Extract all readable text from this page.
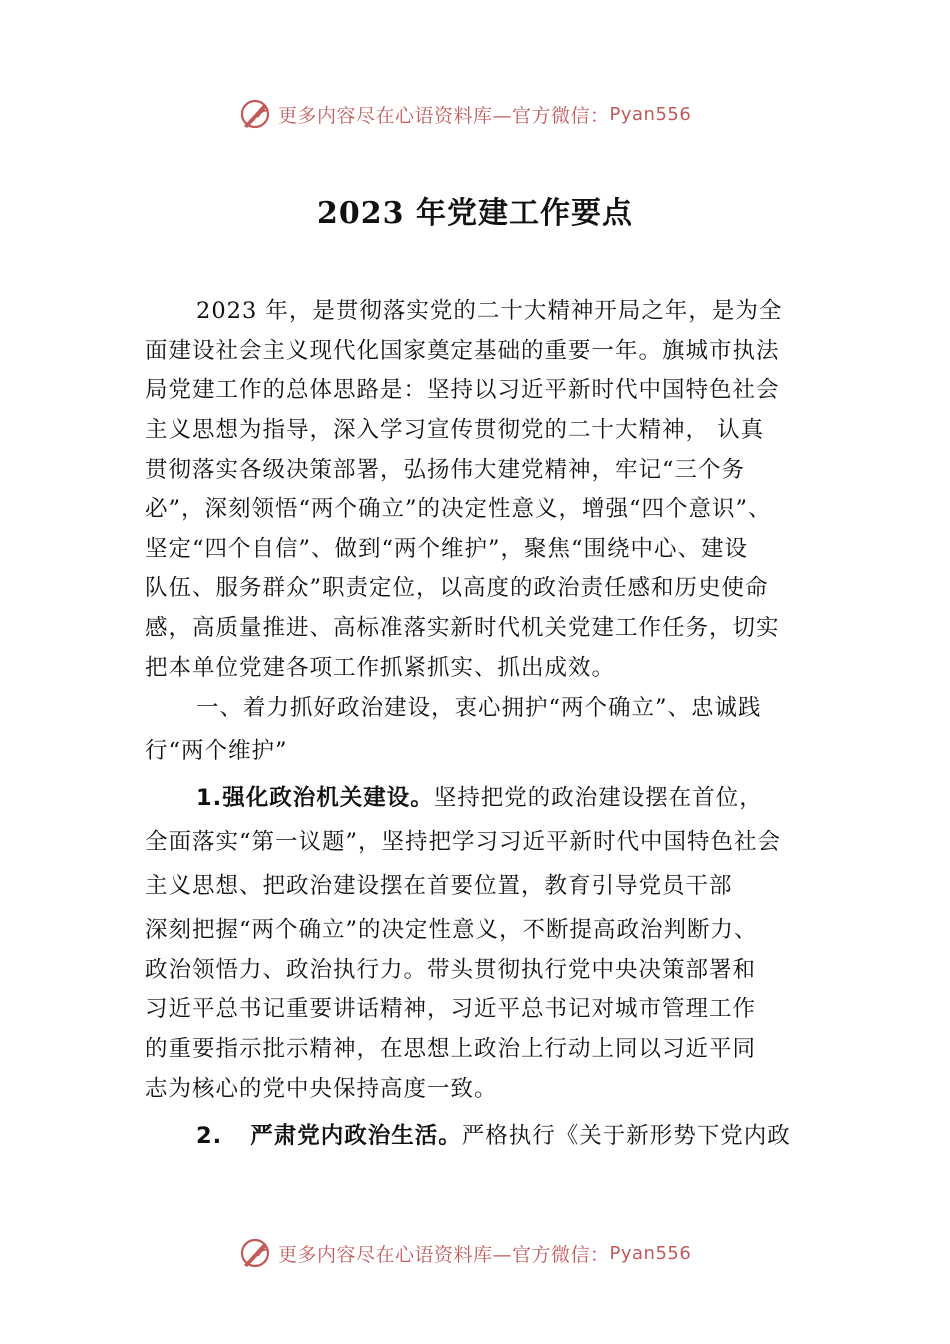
更多内容尽在心语资料库—官方微信： Pyan556
2023 年党建工作要点
2023 年，是贯彻落实党的二十大精神开局之年，是为全
面建设社会主义现代化国家奠定基础的重要一年。旗城市执法
局党建工作的总体思路是：坚持以习近平新时代中国特色社会
主义思想为指导，深入学习宣传贯彻党的二十大精神， 认真
贯彻落实各级决策部署，弘扬伟大建党精神，牢记“三个务
必”，深刻领悟“两个确立”的决定性意义，增强“四个意识”、
坚定“四个自信”、做到“两个维护”，聚焦“围绕中心、建设
队伍、服务群众”职责定位，以高度的政治责任感和历史使命
感，高质量推进、高标准落实新时代机关党建工作任务，切实
把本单位党建各项工作抓紧抓实、抓出成效。
一、着力抓好政治建设，衷心拥护“两个确立”、忠诚践
行“两个维护”
1.强化政治机关建设。坚持把党的政治建设摆在首位，
全面落实“第一议题”，坚持把学习习近平新时代中国特色社会
主义思想、把政治建设摆在首要位置，教育引导党员干部
深刻把握“两个确立”的决定性意义，不断提高政治判断力、
政治领悟力、政治执行力。带头贯彻执行党中央决策部署和
习近平总书记重要讲话精神，习近平总书记对城市管理工作
的重要指示批示精神，在思想上政治上行动上同以习近平同
志为核心的党中央保持高度一致。
2. 严肃党内政治生活。严格执行《关于新形势下党内政
更多内容尽在心语资料库—官方微信： Pyan556
